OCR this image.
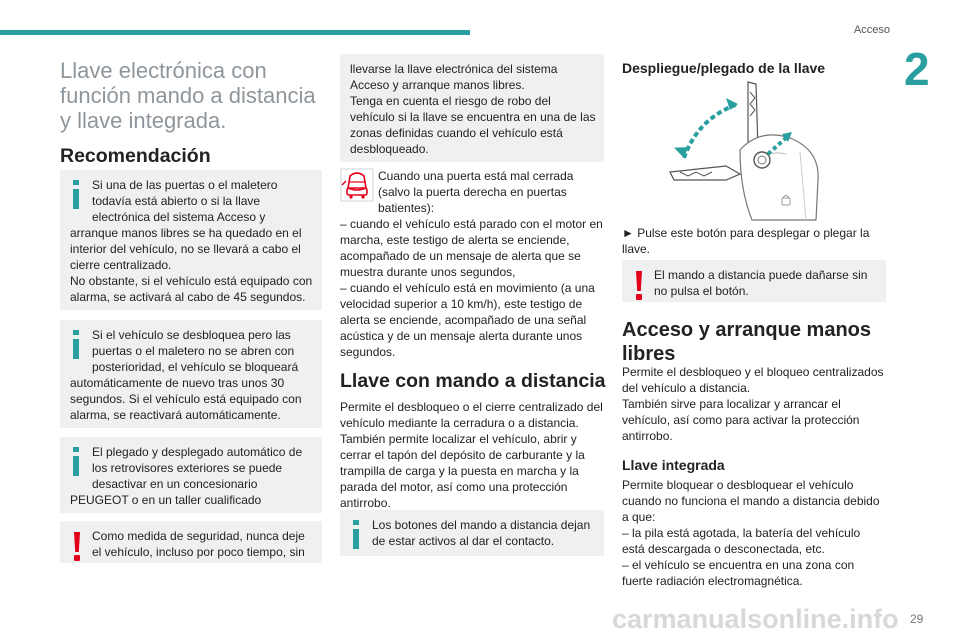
Acceso
2
Llave electrónica con función mando a distancia y llave integrada.
Recomendación
Si una de las puertas o el maletero todavía está abierto o si la llave electrónica del sistema Acceso y arranque manos libres se ha quedado en el interior del vehículo, no se llevará a cabo el cierre centralizado.
No obstante, si el vehículo está equipado con alarma, se activará al cabo de 45 segundos.
Si el vehículo se desbloquea pero las puertas o el maletero no se abren con posterioridad, el vehículo se bloqueará automáticamente de nuevo tras unos 30 segundos. Si el vehículo está equipado con alarma, se reactivará automáticamente.
El plegado y desplegado automático de los retrovisores exteriores se puede desactivar en un concesionario PEUGEOT o en un taller cualificado
Como medida de seguridad, nunca deje el vehículo, incluso por poco tiempo, sin
llevarse la llave electrónica del sistema Acceso y arranque manos libres.
Tenga en cuenta el riesgo de robo del vehículo si la llave se encuentra en una de las zonas definidas cuando el vehículo está desbloqueado.
Cuando una puerta está mal cerrada (salvo la puerta derecha en puertas batientes):
– cuando el vehículo está parado con el motor en marcha, este testigo de alerta se enciende, acompañado de un mensaje de alerta que se muestra durante unos segundos,
– cuando el vehículo está en movimiento (a una velocidad superior a 10 km/h), este testigo de alerta se enciende, acompañado de una señal acústica y de un mensaje alerta durante unos segundos.
Llave con mando a distancia
Permite el desbloqueo o el cierre centralizado del vehículo mediante la cerradura o a distancia.
También permite localizar el vehículo, abrir y cerrar el tapón del depósito de carburante y la trampilla de carga y la puesta en marcha y la parada del motor, así como una protección antirrobo.
Los botones del mando a distancia dejan de estar activos al dar el contacto.
Despliegue/plegado de la llave
► Pulse este botón para desplegar o plegar la llave.
El mando a distancia puede dañarse sin no pulsa el botón.
Acceso y arranque manos libres
Permite el desbloqueo y el bloqueo centralizados del vehículo a distancia.
También sirve para localizar y arrancar el vehículo, así como para activar la protección antirrobo.
Llave integrada
Permite bloquear o desbloquear el vehículo cuando no funciona el mando a distancia debido a que:
– la pila está agotada, la batería del vehículo está descargada o desconectada, etc.
– el vehículo se encuentra en una zona con fuerte radiación electromagnética.
carmanualsonline.info 29
